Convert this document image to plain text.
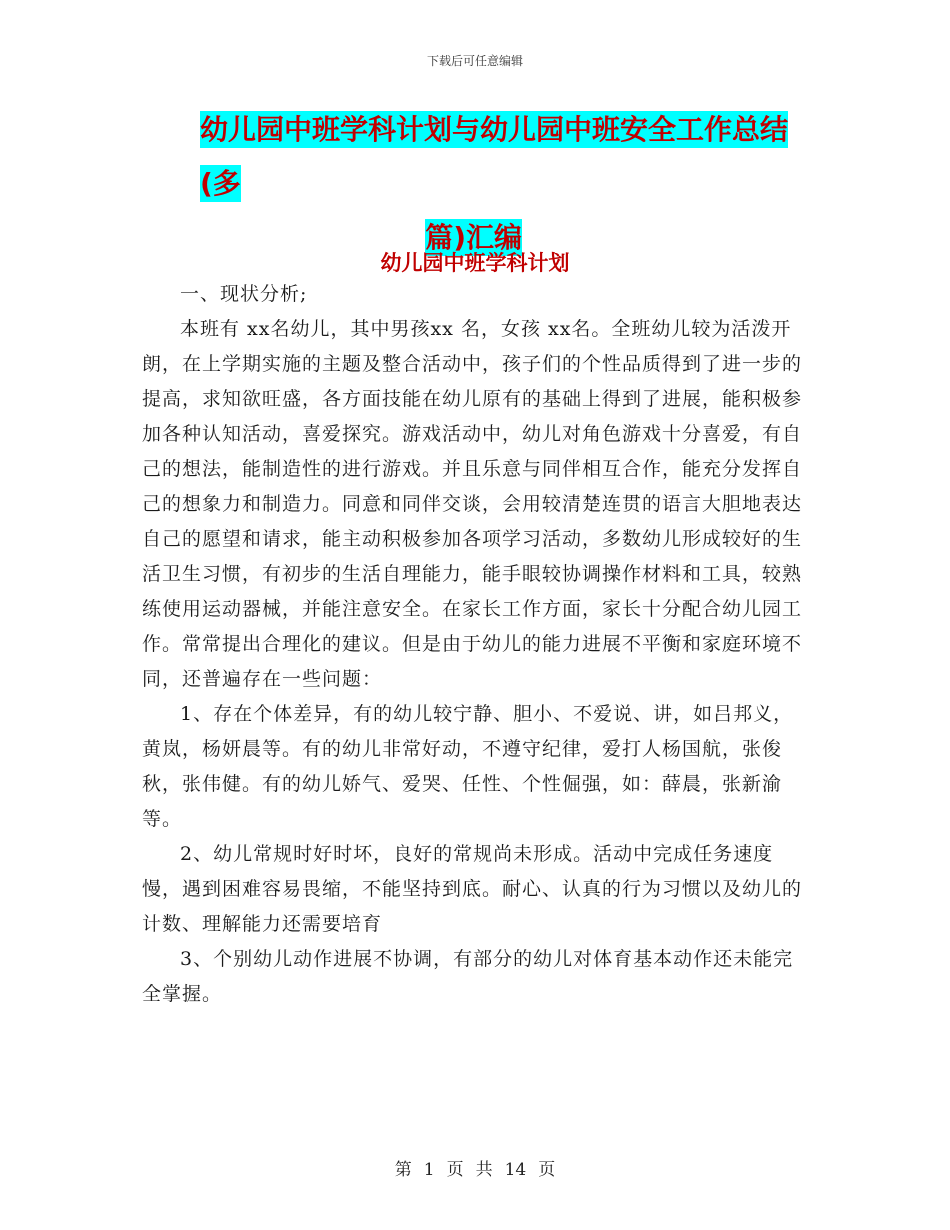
下载后可任意编辑
幼儿园中班学科计划与幼儿园中班安全工作总结(多
篇)汇编
幼儿园中班学科计划

一、现状分析;

本班有 xx名幼儿，其中男孩xx 名，女孩 xx名。全班幼儿较为活泼开朗，在上学期实施的主题及整合活动中，孩子们的个性品质得到了进一步的提高，求知欲旺盛，各方面技能在幼儿原有的基础上得到了进展，能积极参加各种认知活动，喜爱探究。游戏活动中，幼儿对角色游戏十分喜爱，有自己的想法，能制造性的进行游戏。并且乐意与同伴相互合作，能充分发挥自己的想象力和制造力。同意和同伴交谈，会用较清楚连贯的语言大胆地表达自己的愿望和请求，能主动积极参加各项学习活动，多数幼儿形成较好的生活卫生习惯，有初步的生活自理能力，能手眼较协调操作材料和工具，较熟练使用运动器械，并能注意安全。在家长工作方面，家长十分配合幼儿园工作。常常提出合理化的建议。但是由于幼儿的能力进展不平衡和家庭环境不同，还普遍存在一些问题：

1、存在个体差异，有的幼儿较宁静、胆小、不爱说、讲，如吕邦义，黄岚，杨妍晨等。有的幼儿非常好动，不遵守纪律，爱打人杨国航，张俊秋，张伟健。有的幼儿娇气、爱哭、任性、个性倔强，如：薛晨，张新渝等。

2、幼儿常规时好时坏，良好的常规尚未形成。活动中完成任务速度慢，遇到困难容易畏缩，不能坚持到底。耐心、认真的行为习惯以及幼儿的计数、理解能力还需要培育

3、个别幼儿动作进展不协调，有部分的幼儿对体育基本动作还未能完全掌握。

第 1 页 共 14 页
